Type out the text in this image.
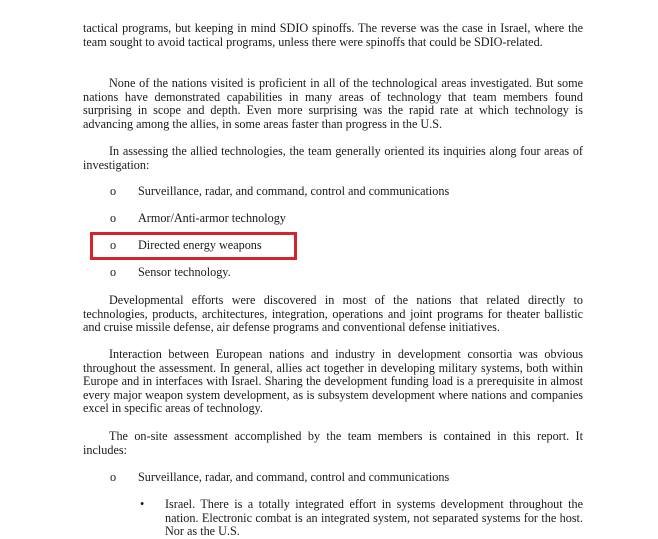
tactical programs, but keeping in mind SDIO spinoffs. The reverse was the case in Israel, where the team sought to avoid tactical programs, unless there were spinoffs that could be SDIO-related.

None of the nations visited is proficient in all of the technological areas investigated. But some nations have demonstrated capabilities in many areas of technology that team members found surprising in scope and depth. Even more surprising was the rapid rate at which technology is advancing among the allies, in some areas faster than progress in the U.S.

In assessing the allied technologies, the team generally oriented its inquiries along four areas of investigation:

o Surveillance, radar, and command, control and communications
o Armor/Anti-armor technology
o Directed energy weapons
o Sensor technology.

Developmental efforts were discovered in most of the nations that related directly to technologies, products, architectures, integration, operations and joint programs for theater ballistic and cruise missile defense, air defense programs and conventional defense initiatives.

Interaction between European nations and industry in development consortia was obvious throughout the assessment. In general, allies act together in developing military systems, both within Europe and in interfaces with Israel. Sharing the development funding load is a prerequisite in almost every major weapon system development, as is subsystem development where nations and companies excel in specific areas of technology.

The on-site assessment accomplished by the team members is contained in this report. It includes:

o Surveillance, radar, and command, control and communications
• Israel. There is a totally integrated effort in systems development throughout the nation. Electronic combat is an integrated system, not separated systems for the host. Nor as the U.S.
